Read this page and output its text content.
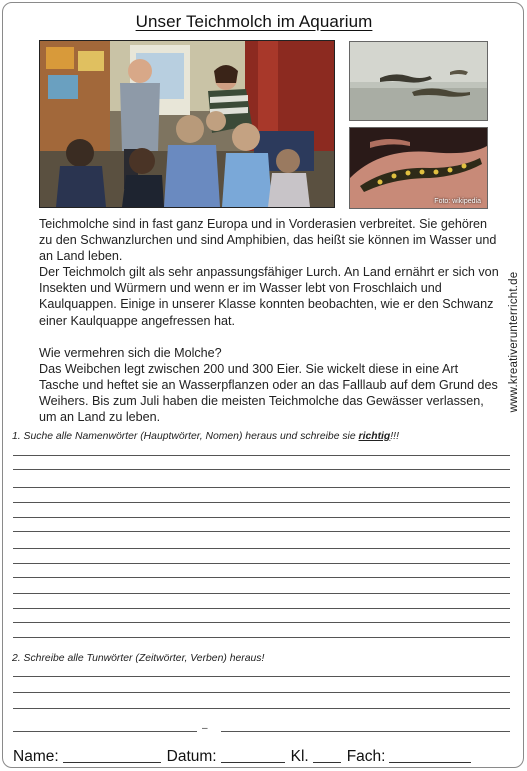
Unser Teichmolch im Aquarium
Foto: wikipedia

Teichmolche sind in fast ganz Europa und in Vorderasien verbreitet. Sie gehören zu den Schwanzlurchen und sind Amphibien, das heißt sie können im Wasser und an Land leben.

Der Teichmolch gilt als sehr anpassungsfähiger Lurch. An Land ernährt er sich von Insekten und Würmern und wenn er im Wasser lebt von Froschlaich und Kaulquappen. Einige in unserer Klasse konnten beobachten, wie er den Schwanz einer Kaulquappe angefressen hat.

Wie vermehren sich die Molche?

Das Weibchen legt zwischen 200 und 300 Eier. Sie wickelt diese in eine Art Tasche und heftet sie an Wasserpflanzen oder an das Falllaub auf dem Grund des Weihers. Bis zum Juli haben die meisten Teichmolche das Gewässer verlassen, um an Land zu leben.

www.kreativerunterricht.de
1. Suche alle Namenwörter (Hauptwörter, Nomen) heraus und schreibe sie richtig!!!
2. Schreibe alle Tunwörter (Zeitwörter, Verben) heraus!
–
Name:	Datum:	Kl. Fach:
